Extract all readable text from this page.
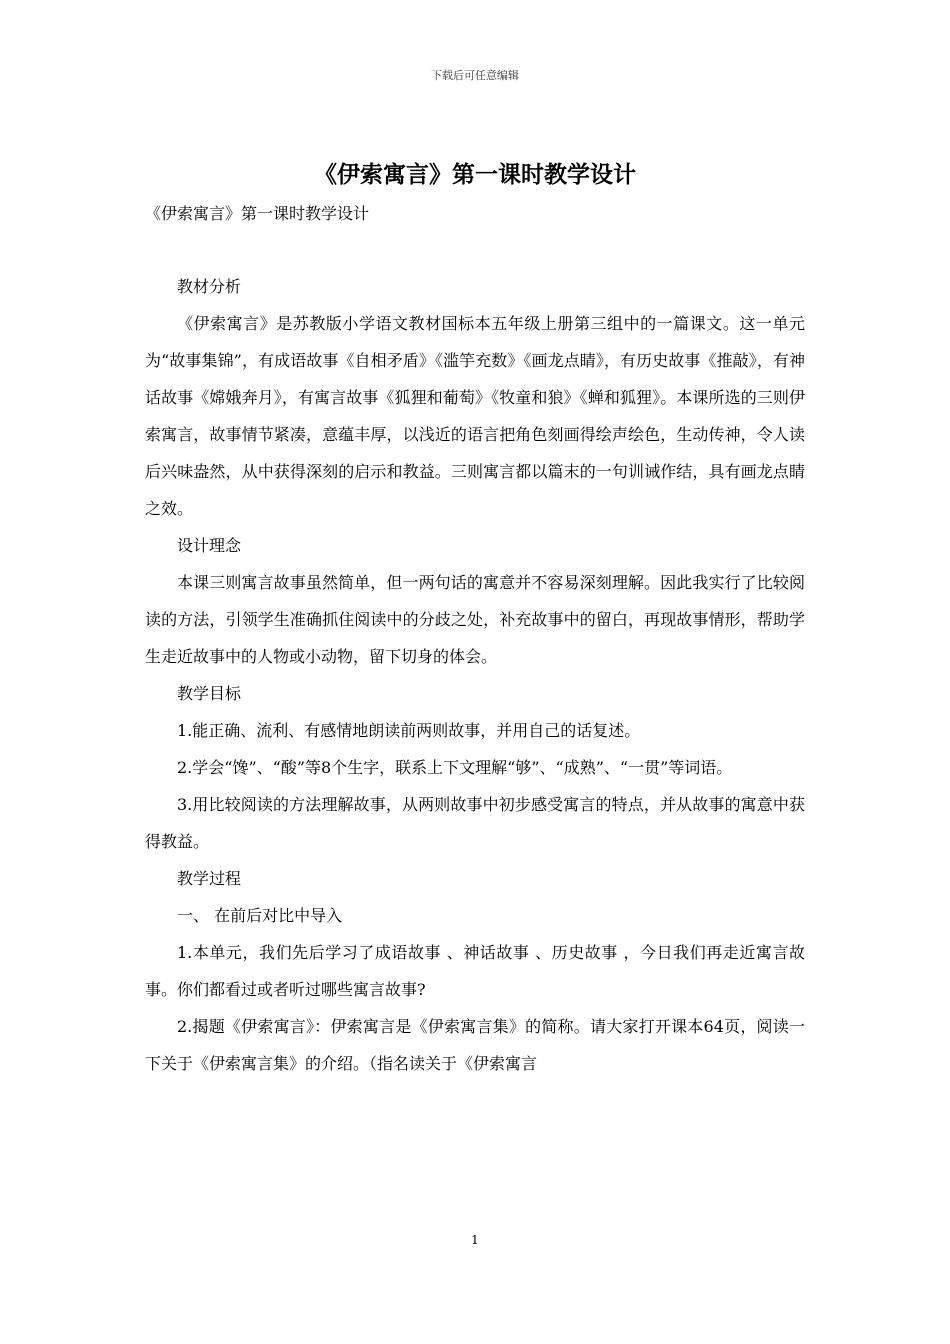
下载后可任意编辑
《伊索寓言》第一课时教学设计
《伊索寓言》第一课时教学设计

教材分析

《伊索寓言》是苏教版小学语文教材国标本五年级上册第三组中的一篇课文。这一单元为“故事集锦”，有成语故事《自相矛盾》《滥竽充数》《画龙点睛》，有历史故事《推敲》，有神话故事《嫦娥奔月》，有寓言故事《狐狸和葡萄》《牧童和狼》《蝉和狐狸》。本课所选的三则伊索寓言，故事情节紧凑，意蕴丰厚，以浅近的语言把角色刻画得绘声绘色，生动传神，令人读后兴味盎然，从中获得深刻的启示和教益。三则寓言都以篇末的一句训诫作结，具有画龙点睛之效。

设计理念

本课三则寓言故事虽然简单，但一两句话的寓意并不容易深刻理解。因此我实行了比较阅读的方法，引领学生准确抓住阅读中的分歧之处，补充故事中的留白，再现故事情形，帮助学生走近故事中的人物或小动物，留下切身的体会。

教学目标

1.能正确、流利、有感情地朗读前两则故事，并用自己的话复述。

2.学会“馋”、“酸”等8个生字，联系上下文理解“够”、“成熟”、“一贯”等词语。

3.用比较阅读的方法理解故事，从两则故事中初步感受寓言的特点，并从故事的寓意中获得教益。

教学过程

一、 在前后对比中导入

1.本单元，我们先后学习了成语故事 、神话故事 、历史故事 ，今日我们再走近寓言故事。你们都看过或者听过哪些寓言故事?

2.揭题《伊索寓言》：伊索寓言是《伊索寓言集》的简称。请大家打开课本64页，阅读一下关于《伊索寓言集》的介绍。（指名读关于《伊索寓言

1
